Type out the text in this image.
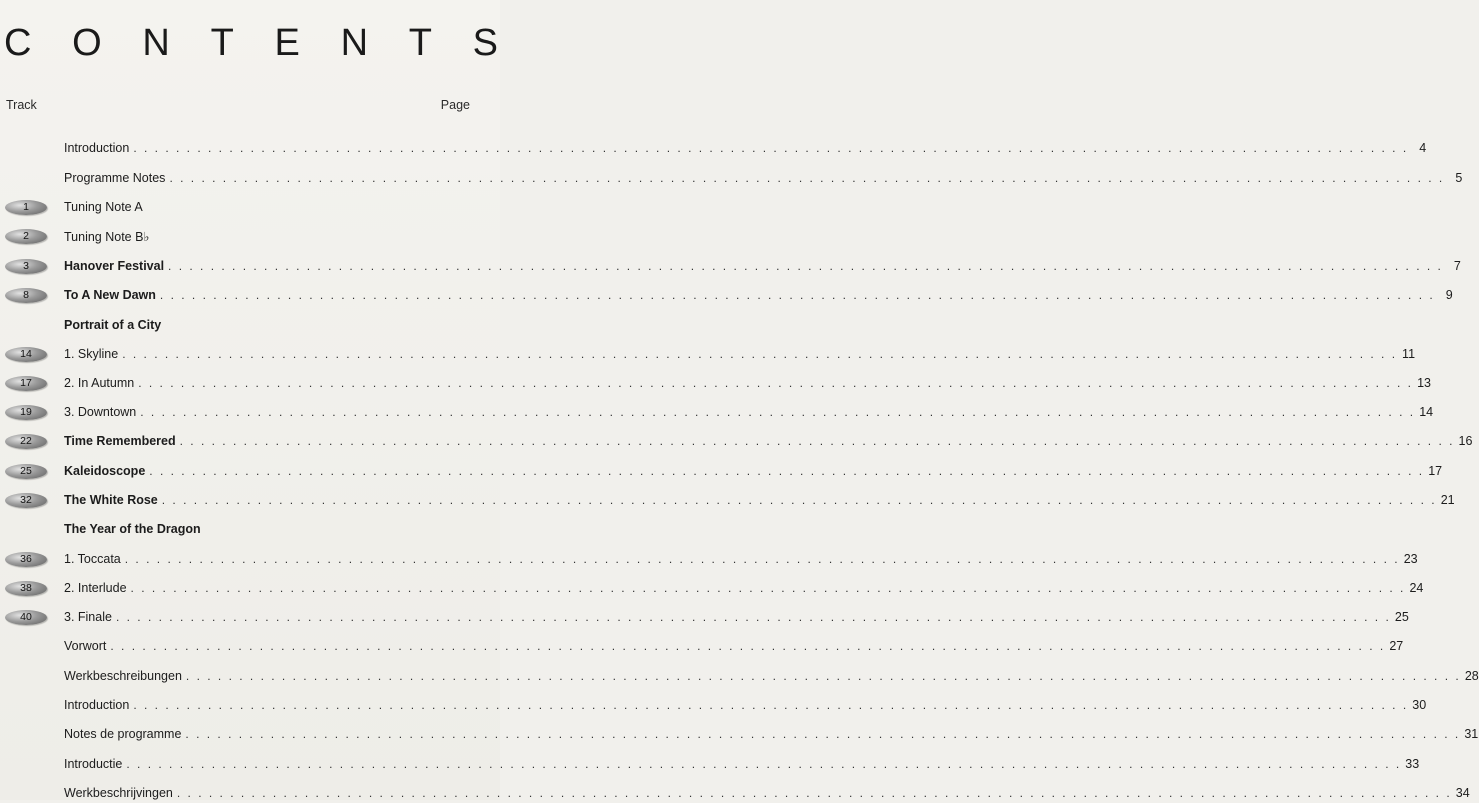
C O N T E N T S
Track	Page
Introduction . . . . . . . . . . . . . . . . . . . . . . . . . . . . . . . . . . . . . . . . . . . . . . . . . . . . . . . . . . . . . . . . . . . . . . . . . . . . . . . . . . . . . . . . . . . . . . . . . . . . . . . . . . . . . . . . . . . . . . . . 4
Programme Notes . . . . . . . . . . . . . . . . . . . . . . . . . . . . . . . . . . . . . . . . . . . . . . . . . . . . . . . . . . . . . . . . . . . . . . . . . . . . . . . . . . . . . . . . . . . . . . . . . . . . . . . . . . . . . . . . . . . . . . . . 5
1	Tuning Note A
2	Tuning Note B♭
3	Hanover Festival . . . . . . . . . . . . . . . . . . . . . . . . . . . . . . . . . . . . . . . . . . . . . . . . . . . . . . . . . . . . . . . . . . . . . . . . . . . . . . . . . . . . . . . . . . . . . . . . . . . . . . . . . . . . . . . . . . . . . . . . 7
8	To A New Dawn . . . . . . . . . . . . . . . . . . . . . . . . . . . . . . . . . . . . . . . . . . . . . . . . . . . . . . . . . . . . . . . . . . . . . . . . . . . . . . . . . . . . . . . . . . . . . . . . . . . . . . . . . . . . . . . . . . . . . . . . 9
Portrait of a City
14	1. Skyline . . . . . . . . . . . . . . . . . . . . . . . . . . . . . . . . . . . . . . . . . . . . . . . . . . . . . . . . . . . . . . . . . . . . . . . . . . . . . . . . . . . . . . . . . . . . . . . . . . . . . . . . . . . . . . . . . . . . . . . . 11
17	2. In Autumn . . . . . . . . . . . . . . . . . . . . . . . . . . . . . . . . . . . . . . . . . . . . . . . . . . . . . . . . . . . . . . . . . . . . . . . . . . . . . . . . . . . . . . . . . . . . . . . . . . . . . . . . . . . . . . . . . . . . . . . . 13
19	3. Downtown . . . . . . . . . . . . . . . . . . . . . . . . . . . . . . . . . . . . . . . . . . . . . . . . . . . . . . . . . . . . . . . . . . . . . . . . . . . . . . . . . . . . . . . . . . . . . . . . . . . . . . . . . . . . . . . . . . . . . . . . 14
22	Time Remembered . . . . . . . . . . . . . . . . . . . . . . . . . . . . . . . . . . . . . . . . . . . . . . . . . . . . . . . . . . . . . . . . . . . . . . . . . . . . . . . . . . . . . . . . . . . . . . . . . . . . . . . . . . . . . . . . . . . . . . . . 16
25	Kaleidoscope . . . . . . . . . . . . . . . . . . . . . . . . . . . . . . . . . . . . . . . . . . . . . . . . . . . . . . . . . . . . . . . . . . . . . . . . . . . . . . . . . . . . . . . . . . . . . . . . . . . . . . . . . . . . . . . . . . . . . . . . 17
32	The White Rose . . . . . . . . . . . . . . . . . . . . . . . . . . . . . . . . . . . . . . . . . . . . . . . . . . . . . . . . . . . . . . . . . . . . . . . . . . . . . . . . . . . . . . . . . . . . . . . . . . . . . . . . . . . . . . . . . . . . . . . . 21
The Year of the Dragon
36	1. Toccata . . . . . . . . . . . . . . . . . . . . . . . . . . . . . . . . . . . . . . . . . . . . . . . . . . . . . . . . . . . . . . . . . . . . . . . . . . . . . . . . . . . . . . . . . . . . . . . . . . . . . . . . . . . . . . . . . . . . . . . . 23
38	2. Interlude . . . . . . . . . . . . . . . . . . . . . . . . . . . . . . . . . . . . . . . . . . . . . . . . . . . . . . . . . . . . . . . . . . . . . . . . . . . . . . . . . . . . . . . . . . . . . . . . . . . . . . . . . . . . . . . . . . . . . . . . 24
40	3. Finale . . . . . . . . . . . . . . . . . . . . . . . . . . . . . . . . . . . . . . . . . . . . . . . . . . . . . . . . . . . . . . . . . . . . . . . . . . . . . . . . . . . . . . . . . . . . . . . . . . . . . . . . . . . . . . . . . . . . . . . . 25
Vorwort . . . . . . . . . . . . . . . . . . . . . . . . . . . . . . . . . . . . . . . . . . . . . . . . . . . . . . . . . . . . . . . . . . . . . . . . . . . . . . . . . . . . . . . . . . . . . . . . . . . . . . . . . . . . . . . . . . . . . . . . 27
Werkbeschreibungen . . . . . . . . . . . . . . . . . . . . . . . . . . . . . . . . . . . . . . . . . . . . . . . . . . . . . . . . . . . . . . . . . . . . . . . . . . . . . . . . . . . . . . . . . . . . . . . . . . . . . . . . . . . . . . . . . . . . . . . . 28
Introduction . . . . . . . . . . . . . . . . . . . . . . . . . . . . . . . . . . . . . . . . . . . . . . . . . . . . . . . . . . . . . . . . . . . . . . . . . . . . . . . . . . . . . . . . . . . . . . . . . . . . . . . . . . . . . . . . . . . . . . . . 30
Notes de programme . . . . . . . . . . . . . . . . . . . . . . . . . . . . . . . . . . . . . . . . . . . . . . . . . . . . . . . . . . . . . . . . . . . . . . . . . . . . . . . . . . . . . . . . . . . . . . . . . . . . . . . . . . . . . . . . . . . . . . . . 31
Introductie . . . . . . . . . . . . . . . . . . . . . . . . . . . . . . . . . . . . . . . . . . . . . . . . . . . . . . . . . . . . . . . . . . . . . . . . . . . . . . . . . . . . . . . . . . . . . . . . . . . . . . . . . . . . . . . . . . . . . . . . 33
Werkbeschrijvingen . . . . . . . . . . . . . . . . . . . . . . . . . . . . . . . . . . . . . . . . . . . . . . . . . . . . . . . . . . . . . . . . . . . . . . . . . . . . . . . . . . . . . . . . . . . . . . . . . . . . . . . . . . . . . . . . . . . . . . . . 34
